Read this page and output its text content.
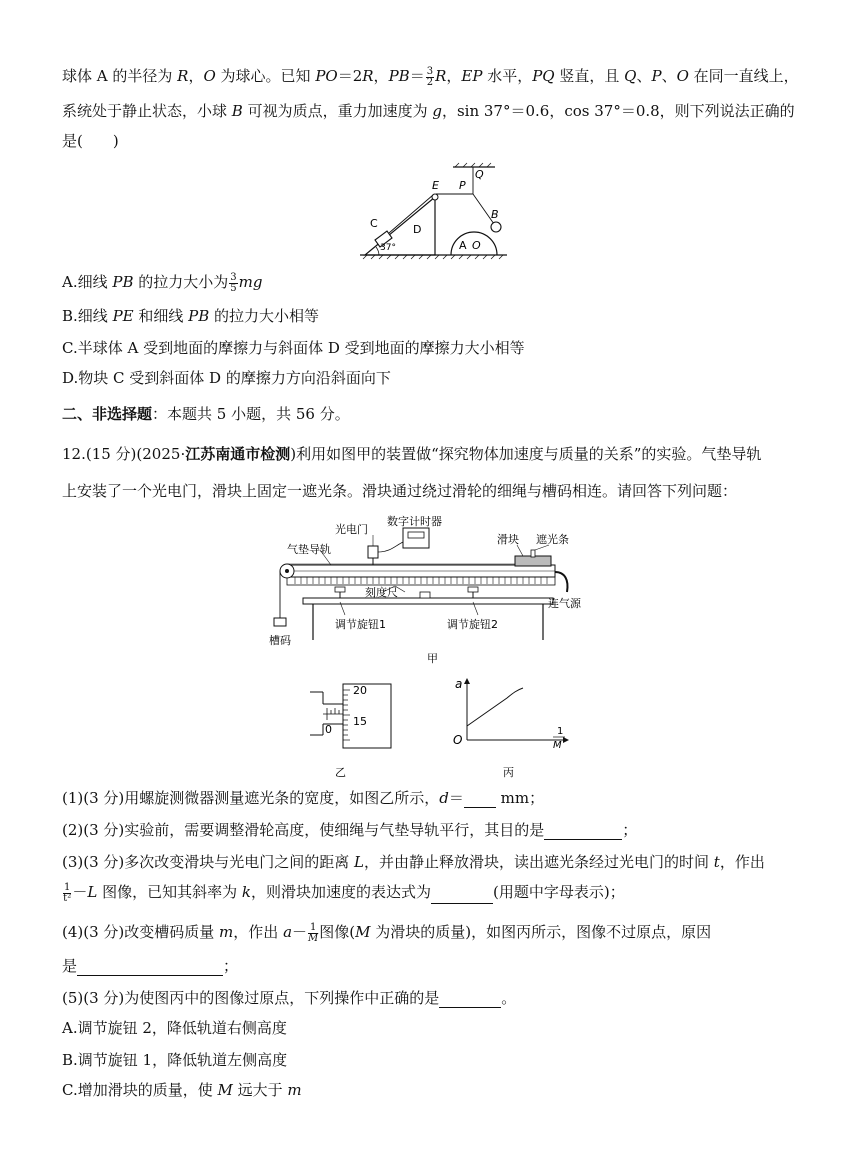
球体 A 的半径为 R，O 为球心。已知 PO＝2R，$PB= \frac{3}{2}$ R，EP 水平，PQ 竖直，且 Q、P、O 在同一直线上，
系统处于静止状态，小球 B 可视为质点，重力加速度为 g，sin 37°＝0.6，cos 37°＝0.8，则下列说法正确的
是(　　)
E P
Q
C	D
A O
B
37°
A.细线 PB 的拉力大小为 $\frac{3}{5}$ mg
B.细线 PE 和细线 PB 的拉力大小相等
C.半球体 A 受到地面的摩擦力与斜面体 D 受到地面的摩擦力大小相等
D.物块 C 受到斜面体 D 的摩擦力方向沿斜面向下
二、非选择题：本题共 5 小题，共 56 分。
12.(15 分)(2025·江苏南通市检测)利用如图甲的装置做“探究物体加速度与质量的关系”的实验。气垫导轨
上安装了一个光电门，滑块上固定一遮光条。滑块通过绕过滑轮的细绳与槽码相连。请回答下列问题：
光电门
数字计时器
气垫导轨
滑块 遮光条
刻度尺
连气源
调节旋钮1	调节旋钮2
槽码
甲
20
15
0
乙
a
O
1
M
丙
(1)(3 分)用螺旋测微器测量遮光条的宽度，如图乙所示，d＝ mm；
(2)(3 分)实验前，需要调整滑轮高度，使细绳与气垫导轨平行，其目的是	；
(3)(3 分)多次改变滑块与光电门之间的距离 L，并由静止释放滑块，读出遮光条经过光电门的时间 t，作出
$\frac{1}{\text{t²}} -L$ 图像，已知其斜率为 k，则滑块加速度的表达式为	(用题中字母表示)；
(4)(3 分)改变槽码质量 m，作出 $a- \frac{1}{M}$ 图像(M 为滑块的质量)，如图丙所示，图像不过原点，原因
是	；
(5)(3 分)为使图丙中的图像过原点，下列操作中正确的是	。
A.调节旋钮 2，降低轨道右侧高度
B.调节旋钮 1，降低轨道左侧高度
C.增加滑块的质量，使 M 远大于 m
